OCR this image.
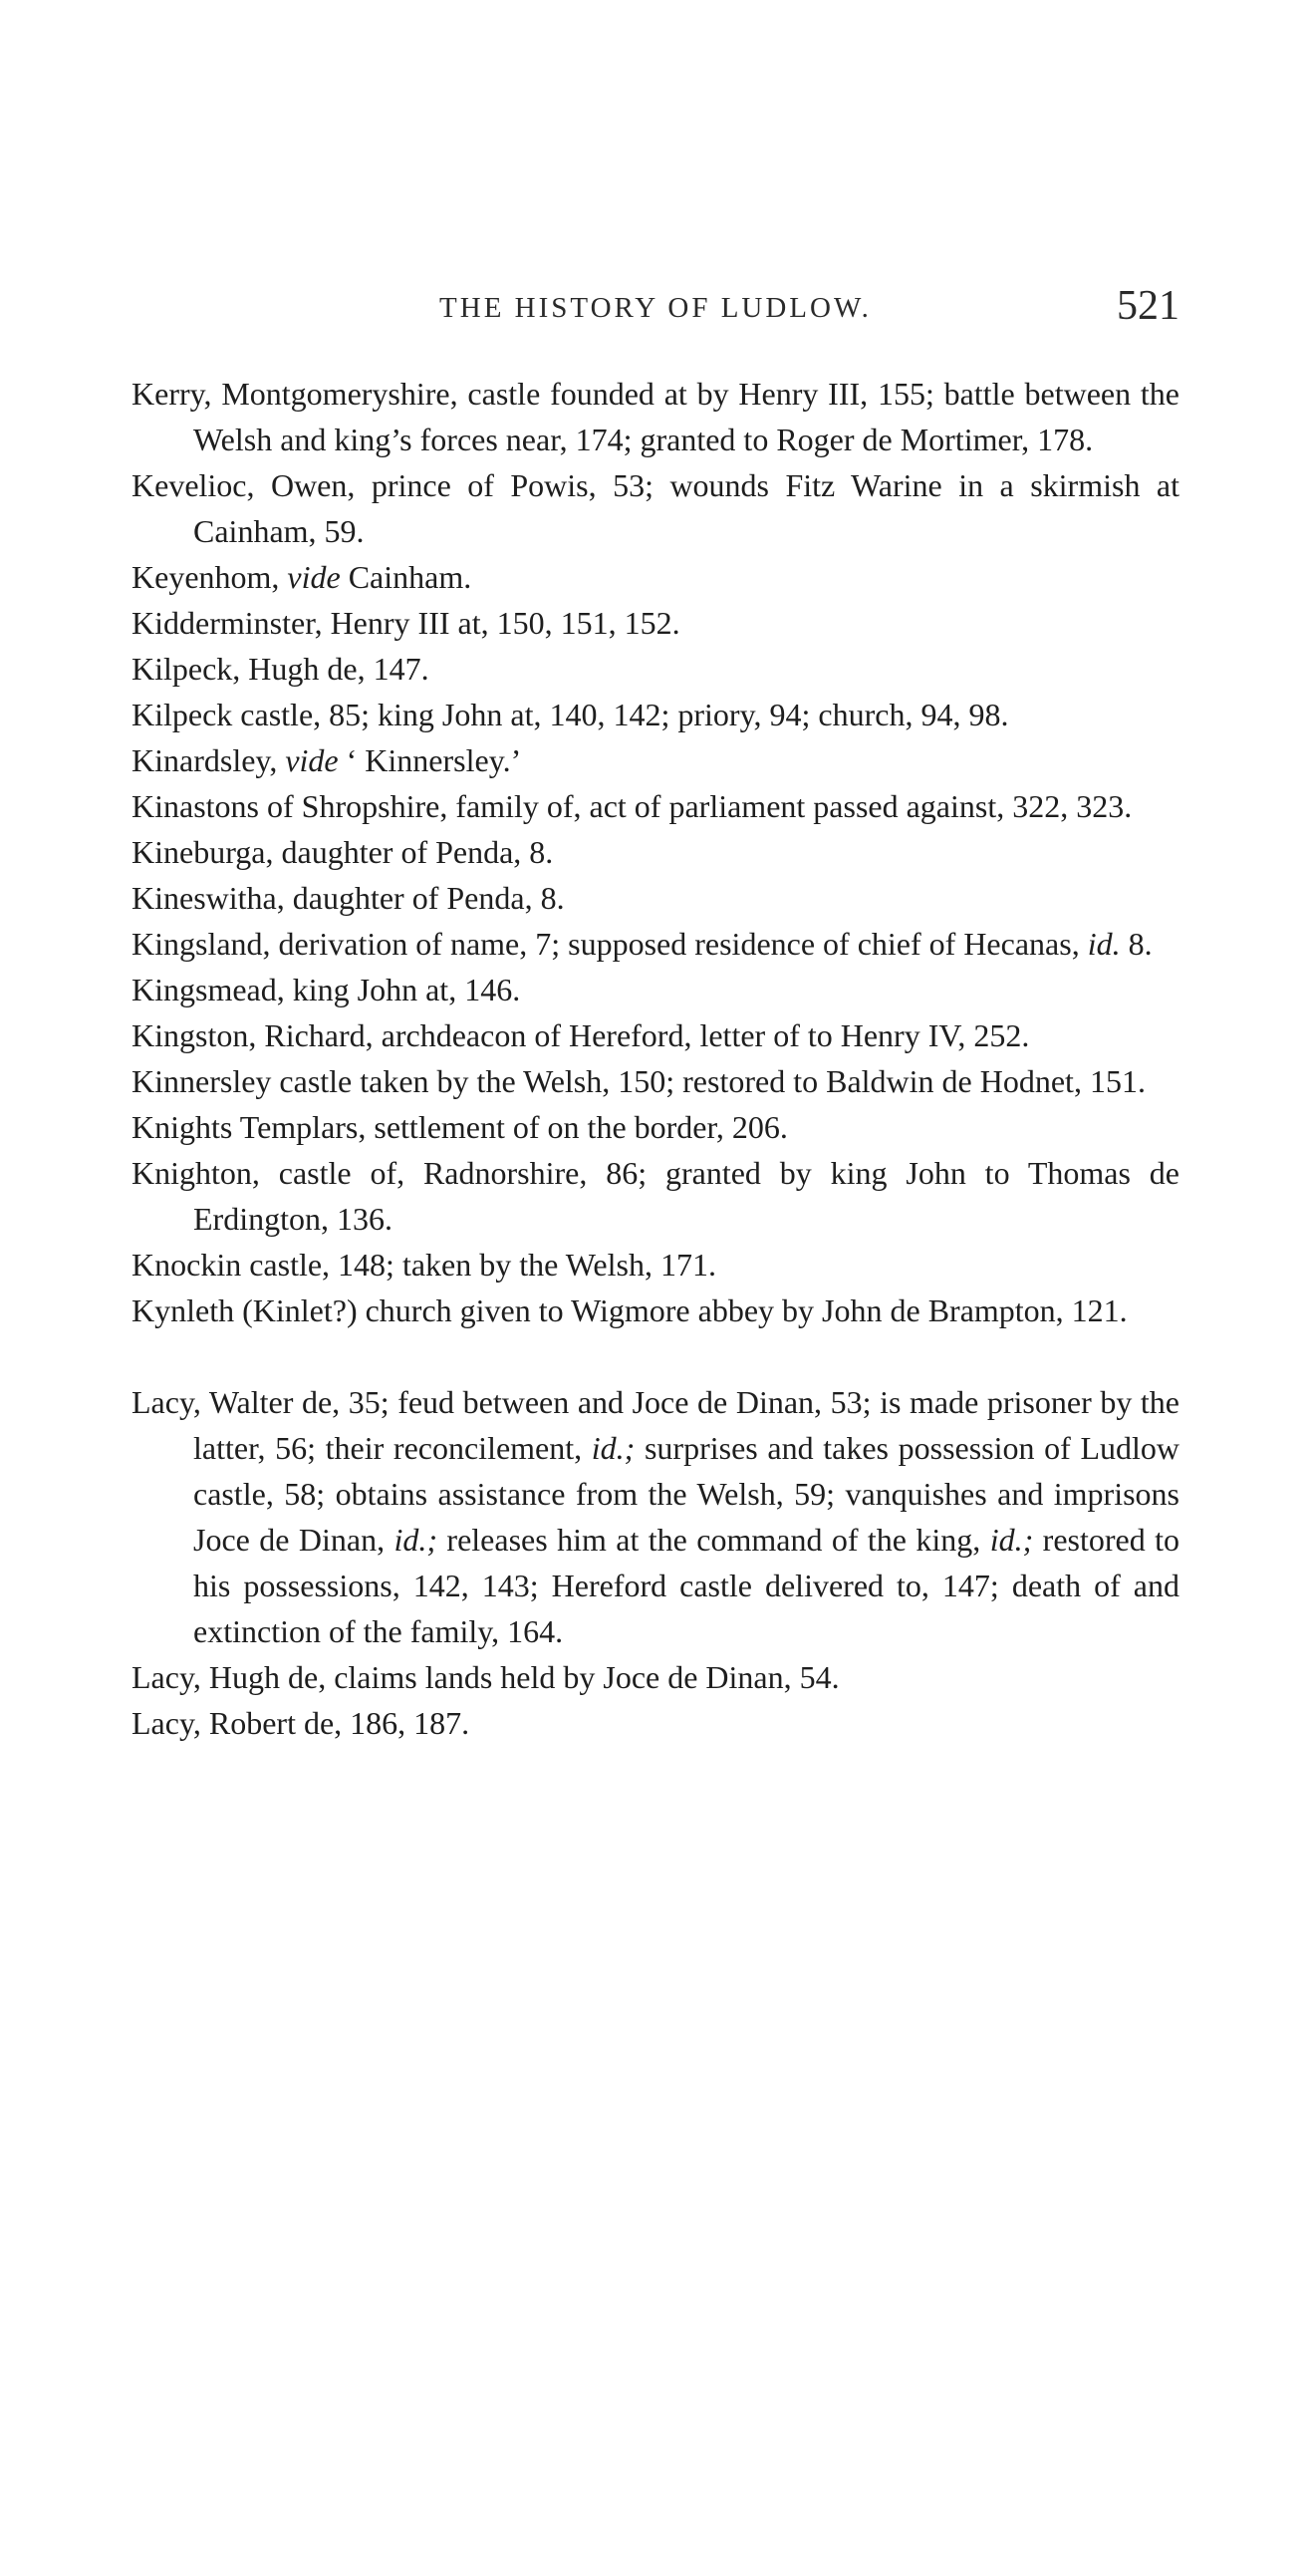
THE HISTORY OF LUDLOW.	521

Kerry, Montgomeryshire, castle founded at by Henry III, 155; battle between the Welsh and king’s forces near, 174; granted to Roger de Mortimer, 178.

Kevelioc, Owen, prince of Powis, 53; wounds Fitz Warine in a skirmish at Cainham, 59.

Keyenhom, vide Cainham.

Kidderminster, Henry III at, 150, 151, 152.

Kilpeck, Hugh de, 147.

Kilpeck castle, 85; king John at, 140, 142; priory, 94; church, 94, 98.

Kinardsley, vide ‘ Kinnersley.’

Kinastons of Shropshire, family of, act of parliament passed against, 322, 323.

Kineburga, daughter of Penda, 8.

Kineswitha, daughter of Penda, 8.

Kingsland, derivation of name, 7; supposed residence of chief of Hecanas, id. 8.

Kingsmead, king John at, 146.

Kingston, Richard, archdeacon of Hereford, letter of to Henry IV, 252.

Kinnersley castle taken by the Welsh, 150; restored to Baldwin de Hodnet, 151.

Knights Templars, settlement of on the border, 206.

Knighton, castle of, Radnorshire, 86; granted by king John to Thomas de Erdington, 136.

Knockin castle, 148; taken by the Welsh, 171.

Kynleth (Kinlet?) church given to Wigmore abbey by John de Brampton, 121.

Lacy, Walter de, 35; feud between and Joce de Dinan, 53; is made prisoner by the latter, 56; their reconcilement, id.; surprises and takes possession of Ludlow castle, 58; obtains assistance from the Welsh, 59; vanquishes and imprisons Joce de Dinan, id.; releases him at the command of the king, id.; restored to his possessions, 142, 143; Hereford castle delivered to, 147; death of and extinction of the family, 164.

Lacy, Hugh de, claims lands held by Joce de Dinan, 54.

Lacy, Robert de, 186, 187.
